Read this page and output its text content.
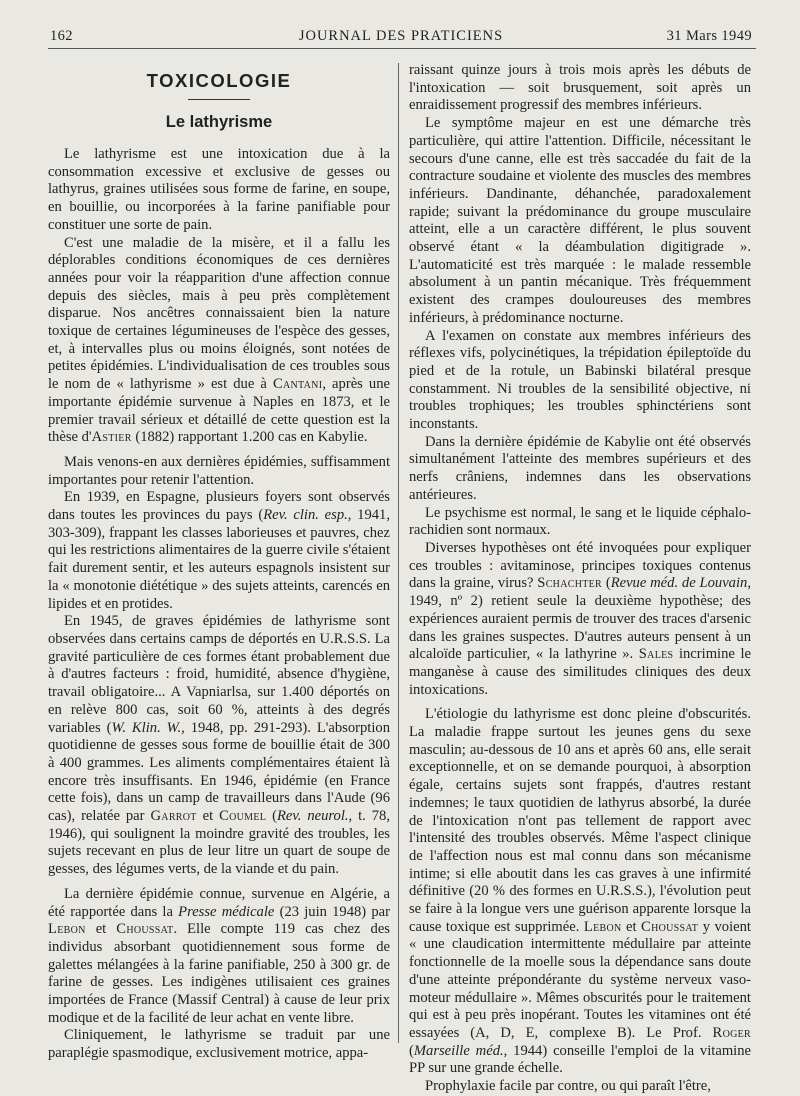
162	JOURNAL DES PRATICIENS	31 Mars 1949
TOXICOLOGIE
Le lathyrisme

Le lathyrisme est une intoxication due à la consommation excessive et exclusive de gesses ou lathyrus, graines utilisées sous forme de farine, en soupe, en bouillie, ou incorporées à la farine panifiable pour constituer une sorte de pain.

C'est une maladie de la misère, et il a fallu les déplorables conditions économiques de ces dernières années pour voir la réapparition d'une affection connue depuis des siècles, mais à peu près complètement disparue. Nos ancêtres connaissaient bien la nature toxique de certaines légumineuses de l'espèce des gesses, et, à intervalles plus ou moins éloignés, sont notées de petites épidémies. L'individualisation de ces troubles sous le nom de « lathyrisme » est due à Cantani, après une importante épidémie survenue à Naples en 1873, et le premier travail sérieux et détaillé de cette question est la thèse d'Astier (1882) rapportant 1.200 cas en Kabylie.

Mais venons-en aux dernières épidémies, suffisamment importantes pour retenir l'attention.

En 1939, en Espagne, plusieurs foyers sont observés dans toutes les provinces du pays (Rev. clin. esp., 1941, 303-309), frappant les classes laborieuses et pauvres, chez qui les restrictions alimentaires de la guerre civile s'étaient fait durement sentir, et les auteurs espagnols insistent sur la « monotonie diététique » des sujets atteints, carencés en lipides et en protides.

En 1945, de graves épidémies de lathyrisme sont observées dans certains camps de déportés en U.R.S.S. La gravité particulière de ces formes étant probablement due à d'autres facteurs : froid, humidité, absence d'hygiène, travail obligatoire... A Vapniarlsa, sur 1.400 déportés on en relève 800 cas, soit 60 %, atteints à des degrés variables (W. Klin. W., 1948, pp. 291-293). L'absorption quotidienne de gesses sous forme de bouillie était de 300 à 400 grammes. Les aliments complémentaires étaient là encore très insuffisants. En 1946, épidémie (en France cette fois), dans un camp de travailleurs dans l'Aude (96 cas), relatée par Garrot et Coumel (Rev. neurol., t. 78, 1946), qui soulignent la moindre gravité des troubles, les sujets recevant en plus de leur litre un quart de soupe de gesses, des légumes verts, de la viande et du pain.

La dernière épidémie connue, survenue en Algérie, a été rapportée dans la Presse médicale (23 juin 1948) par Lebon et Choussat. Elle compte 119 cas chez des individus absorbant quotidiennement sous forme de galettes mélangées à la farine panifiable, 250 à 300 gr. de farine de gesses. Les indigènes utilisaient ces graines importées de France (Massif Central) à cause de leur prix modique et de la facilité de leur achat en vente libre.

Cliniquement, le lathyrisme se traduit par une paraplégie spasmodique, exclusivement motrice, appa-

raissant quinze jours à trois mois après les débuts de l'intoxication — soit brusquement, soit après un enraidissement progressif des membres inférieurs.

Le symptôme majeur en est une démarche très particulière, qui attire l'attention. Difficile, nécessitant le secours d'une canne, elle est très saccadée du fait de la contracture soudaine et violente des muscles des membres inférieurs. Dandinante, déhanchée, paradoxalement rapide; suivant la prédominance du groupe musculaire atteint, elle a un caractère différent, le plus souvent observé étant « la déambulation digitigrade ». L'automaticité est très marquée : le malade ressemble absolument à un pantin mécanique. Très fréquemment existent des crampes douloureuses des membres inférieurs, à prédominance nocturne.

A l'examen on constate aux membres inférieurs des réflexes vifs, polycinétiques, la trépidation épileptoïde du pied et de la rotule, un Babinski bilatéral presque constamment. Ni troubles de la sensibilité objective, ni troubles trophiques; les troubles sphinctériens sont inconstants.

Dans la dernière épidémie de Kabylie ont été observés simultanément l'atteinte des membres supérieurs et des nerfs crâniens, indemnes dans les observations antérieures.

Le psychisme est normal, le sang et le liquide céphalo-rachidien sont normaux.

Diverses hypothèses ont été invoquées pour expliquer ces troubles : avitaminose, principes toxiques contenus dans la graine, virus? Schachter (Revue méd. de Louvain, 1949, nº 2) retient seule la deuxième hypothèse; des expériences auraient permis de trouver des traces d'arsenic dans les graines suspectes. D'autres auteurs pensent à un alcaloïde particulier, « la lathyrine ». Sales incrimine le manganèse à cause des similitudes cliniques des deux intoxications.

L'étiologie du lathyrisme est donc pleine d'obscurités. La maladie frappe surtout les jeunes gens du sexe masculin; au-dessous de 10 ans et après 60 ans, elle serait exceptionnelle, et on se demande pourquoi, à absorption égale, certains sujets sont frappés, d'autres restant indemnes; le taux quotidien de lathyrus absorbé, la durée de l'intoxication n'ont pas tellement de rapport avec l'intensité des troubles observés. Même l'aspect clinique de l'affection nous est mal connu dans son mécanisme intime; si elle aboutit dans les cas graves à une infirmité définitive (20 % des formes en U.R.S.S.), l'évolution peut se faire à la longue vers une guérison apparente lorsque la cause toxique est supprimée. Lebon et Choussat y voient « une claudication intermittente médullaire par atteinte fonctionnelle de la moelle sous la dépendance sans doute d'une atteinte prépondérante du système nerveux vaso-moteur médullaire ». Mêmes obscurités pour le traitement qui est à peu près inopérant. Toutes les vitamines ont été essayées (A, D, E, complexe B). Le Prof. Roger (Marseille méd., 1944) conseille l'emploi de la vitamine PP sur une grande échelle.

Prophylaxie facile par contre, ou qui paraît l'être,
